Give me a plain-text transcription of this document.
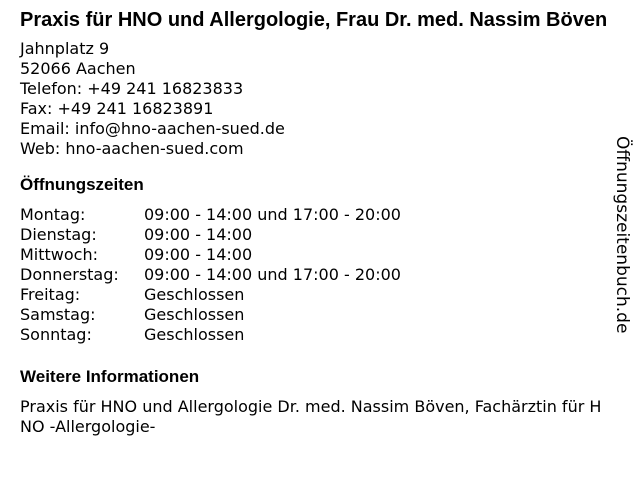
Praxis für HNO und Allergologie, Frau Dr. med. Nassim Böven
Jahnplatz 9
52066 Aachen
Telefon: +49 241 16823833
Fax: +49 241 16823891
Email: info@hno-aachen-sued.de
Web: hno-aachen-sued.com
Öffnungszeiten
Montag:	09:00 - 14:00 und 17:00 - 20:00
Dienstag:	09:00 - 14:00
Mittwoch:	09:00 - 14:00
Donnerstag:	09:00 - 14:00 und 17:00 - 20:00
Freitag:	Geschlossen
Samstag:	Geschlossen
Sonntag:	Geschlossen
Weitere Informationen
Praxis für HNO und Allergologie Dr. med. Nassim Böven, Fachärztin für HNO -Allergologie-
Öffnungszeitenbuch.de
